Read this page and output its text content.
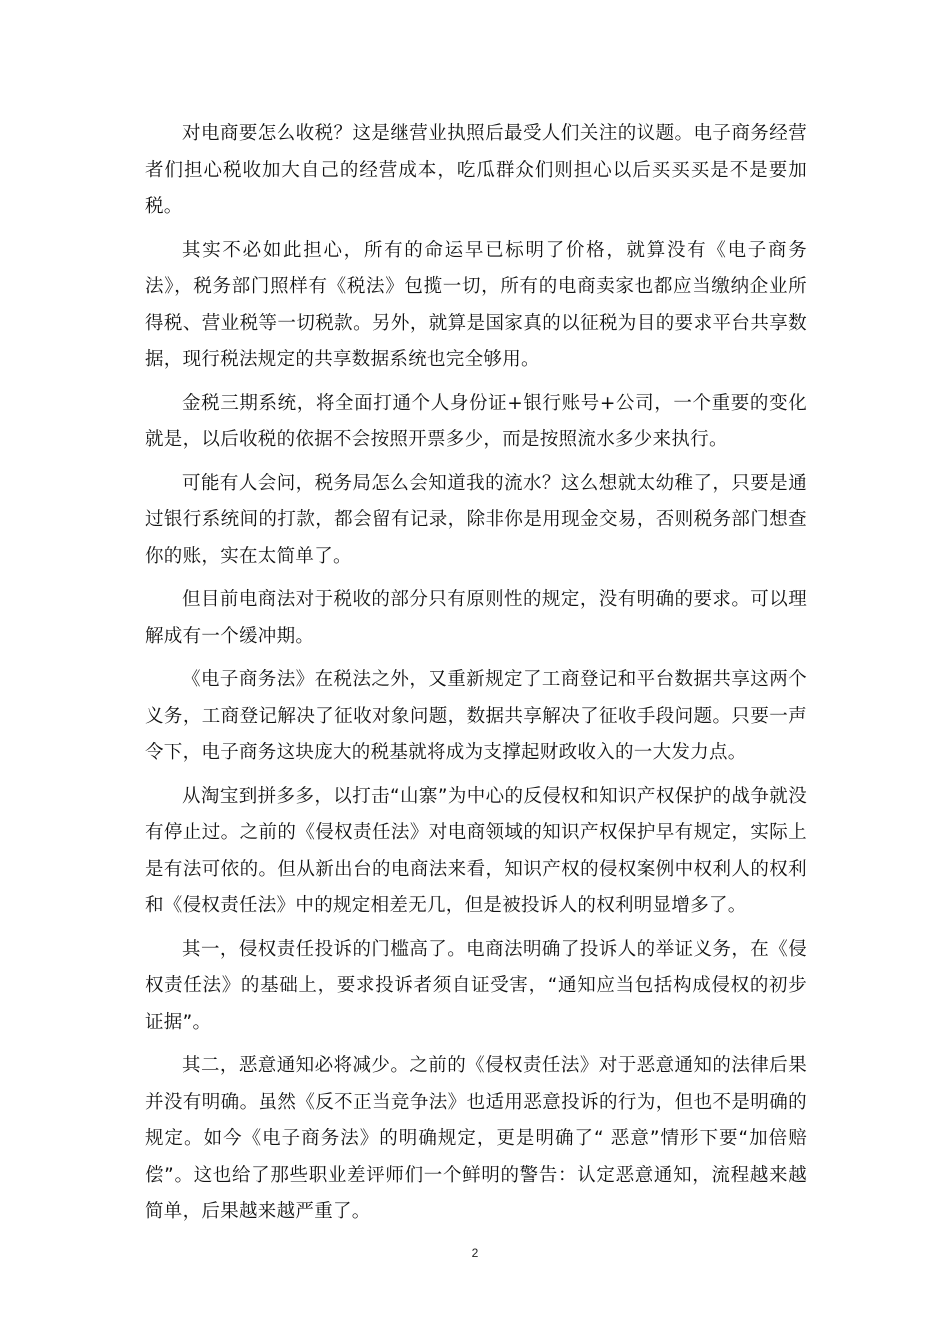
对电商要怎么收税？这是继营业执照后最受人们关注的议题。电子商务经营者们担心税收加大自己的经营成本，吃瓜群众们则担心以后买买买是不是要加税。

其实不必如此担心，所有的命运早已标明了价格，就算没有《电子商务法》，税务部门照样有《税法》包揽一切，所有的电商卖家也都应当缴纳企业所得税、营业税等一切税款。另外，就算是国家真的以征税为目的要求平台共享数据，现行税法规定的共享数据系统也完全够用。

金税三期系统，将全面打通个人身份证+银行账号+公司，一个重要的变化就是，以后收税的依据不会按照开票多少，而是按照流水多少来执行。

可能有人会问，税务局怎么会知道我的流水？这么想就太幼稚了，只要是通过银行系统间的打款，都会留有记录，除非你是用现金交易，否则税务部门想查你的账，实在太简单了。

但目前电商法对于税收的部分只有原则性的规定，没有明确的要求。可以理解成有一个缓冲期。

《电子商务法》在税法之外，又重新规定了工商登记和平台数据共享这两个义务，工商登记解决了征收对象问题，数据共享解决了征收手段问题。只要一声令下，电子商务这块庞大的税基就将成为支撑起财政收入的一大发力点。

从淘宝到拼多多，以打击“山寨”为中心的反侵权和知识产权保护的战争就没有停止过。之前的《侵权责任法》对电商领域的知识产权保护早有规定，实际上是有法可依的。但从新出台的电商法来看，知识产权的侵权案例中权利人的权利和《侵权责任法》中的规定相差无几，但是被投诉人的权利明显增多了。

其一，侵权责任投诉的门槛高了。电商法明确了投诉人的举证义务，在《侵权责任法》的基础上，要求投诉者须自证受害，“通知应当包括构成侵权的初步证据”。

其二，恶意通知必将减少。之前的《侵权责任法》对于恶意通知的法律后果并没有明确。虽然《反不正当竞争法》也适用恶意投诉的行为，但也不是明确的规定。如今《电子商务法》的明确规定，更是明确了“ 恶意”情形下要“加倍赔偿”。这也给了那些职业差评师们一个鲜明的警告：认定恶意通知，流程越来越简单，后果越来越严重了。

2
